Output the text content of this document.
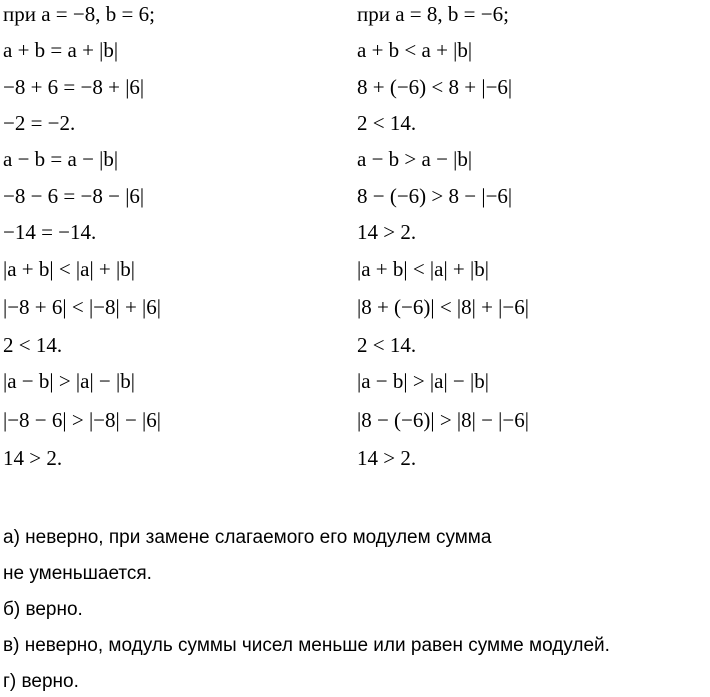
при a = −8, b = 6;
a + b = a + |b|
−8 + 6 = −8 + |6|
−2 = −2.
a − b = a − |b|
−8 − 6 = −8 − |6|
−14 = −14.
|a + b| < |a| + |b|
|−8 + 6| < |−8| + |6|
2 < 14.
|a − b| > |a| − |b|
|−8 − 6| > |−8| − |6|
14 > 2.
при a = 8, b = −6;
a + b < a + |b|
8 + (−6) < 8 + |−6|
2 < 14.
a − b > a − |b|
8 − (−6) > 8 − |−6|
14 > 2.
|a + b| < |a| + |b|
|8 + (−6)| < |8| + |−6|
2 < 14.
|a − b| > |a| − |b|
|8 − (−6)| > |8| − |−6|
14 > 2.
а) неверно, при замене слагаемого его модулем сумма
не уменьшается.
б) верно.
в) неверно, модуль суммы чисел меньше или равен сумме модулей.
г) верно.
